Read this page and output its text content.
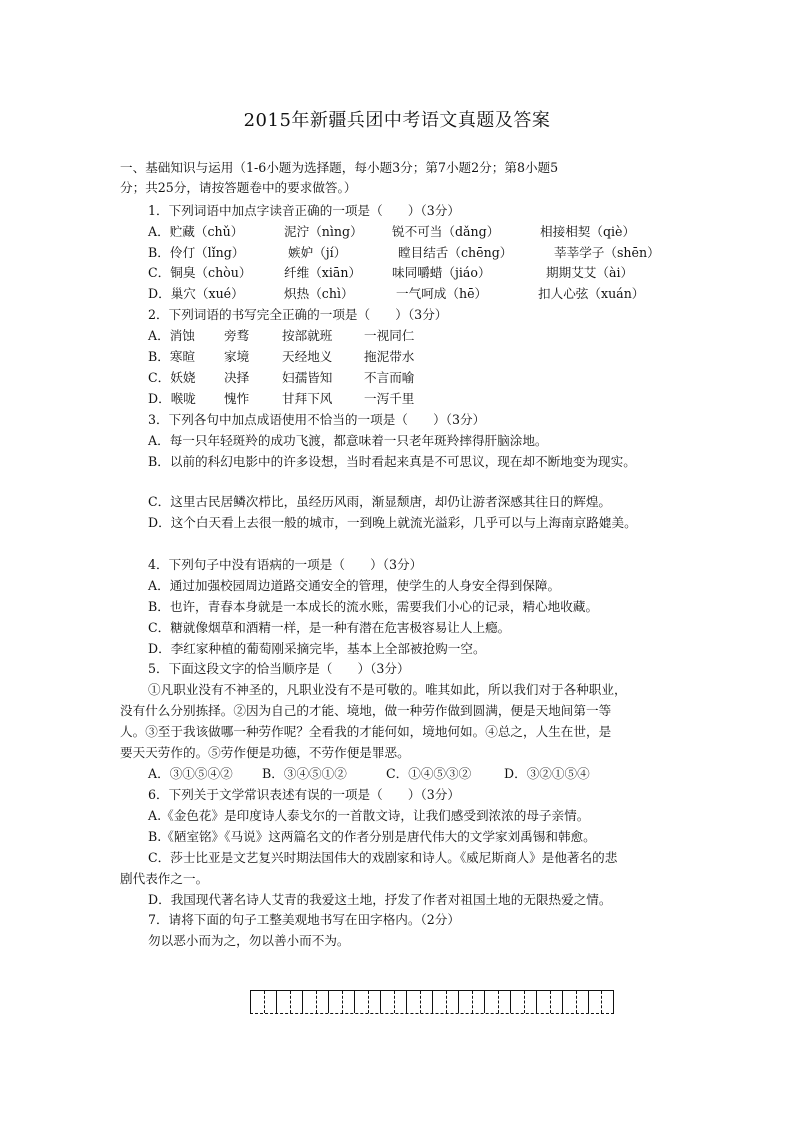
2015年新疆兵团中考语文真题及答案
一、基础知识与运用（1-6小题为选择题，每小题3分；第7小题2分；第8小题5
分；共25分，请按答题卷中的要求做答。）
1．下列词语中加点字读音正确的一项是（　　）（3分）
A．贮藏（chǔ）	泥泞（nìng） 锐不可当（dǎng）	相接相契（qiè）
B．伶仃（lǐng）	嫉妒（jí）	瞠目结舌（chēng）	莘莘学子（shēn）
C．铜臭（chòu）	纤维（xiān） 味同嚼蜡（jiáo）	期期艾艾（ài）
D．巢穴（xué）	炽热（chì）	一气呵成（hē）	扣人心弦（xuán）
2．下列词语的书写完全正确的一项是（　　）（3分）
A．消蚀 旁骛	按部就班	一视同仁
B．寒暄 家境	天经地义	拖泥带水
C．妖娆 决择	妇孺皆知	不言而喻
D．喉咙 愧怍	甘拜下风	一泻千里
3．下列各句中加点成语使用不恰当的一项是（　　）（3分）
A．每一只年轻斑羚的成功飞渡，都意味着一只老年斑羚摔得肝脑涂地。
B．以前的科幻电影中的许多设想，当时看起来真是不可思议，现在却不断地变为现实。
C．这里古民居鳞次栉比，虽经历风雨，渐显颓唐，却仍让游者深感其往日的辉煌。
D．这个白天看上去很一般的城市，一到晚上就流光溢彩，几乎可以与上海南京路媲美。
4．下列句子中没有语病的一项是（　　）（3分）
A．通过加强校园周边道路交通安全的管理，使学生的人身安全得到保障。
B．也许，青春本身就是一本成长的流水账，需要我们小心的记录，精心地收藏。
C．糖就像烟草和酒精一样，是一种有潜在危害极容易让人上瘾。
D．李红家种植的葡萄刚采摘完毕，基本上全部被抢购一空。
5．下面这段文字的恰当顺序是（　　）（3分）
①凡职业没有不神圣的，凡职业没有不是可敬的。唯其如此，所以我们对于各种职业，
没有什么分别拣择。②因为自己的才能、境地，做一种劳作做到圆满，便是天地间第一等
人。③至于我该做哪一种劳作呢？全看我的才能何如，境地何如。④总之，人生在世，是
要天天劳作的。⑤劳作便是功德，不劳作便是罪恶。
A．③①⑤④② B．③④⑤①②	C．①④⑤③②	D．③②①⑤④
6．下列关于文学常识表述有误的一项是（　　）（3分）
A.《金色花》是印度诗人泰戈尔的一首散文诗，让我们感受到浓浓的母子亲情。
B.《陋室铭》《马说》这两篇名文的作者分别是唐代伟大的文学家刘禹锡和韩愈。
C．莎士比亚是文艺复兴时期法国伟大的戏剧家和诗人。《威尼斯商人》是他著名的悲
剧代表作之一。
D．我国现代著名诗人艾青的我爱这土地，抒发了作者对祖国土地的无限热爱之情。
7．请将下面的句子工整美观地书写在田字格内。（2分）
勿以恶小而为之，勿以善小而不为。
